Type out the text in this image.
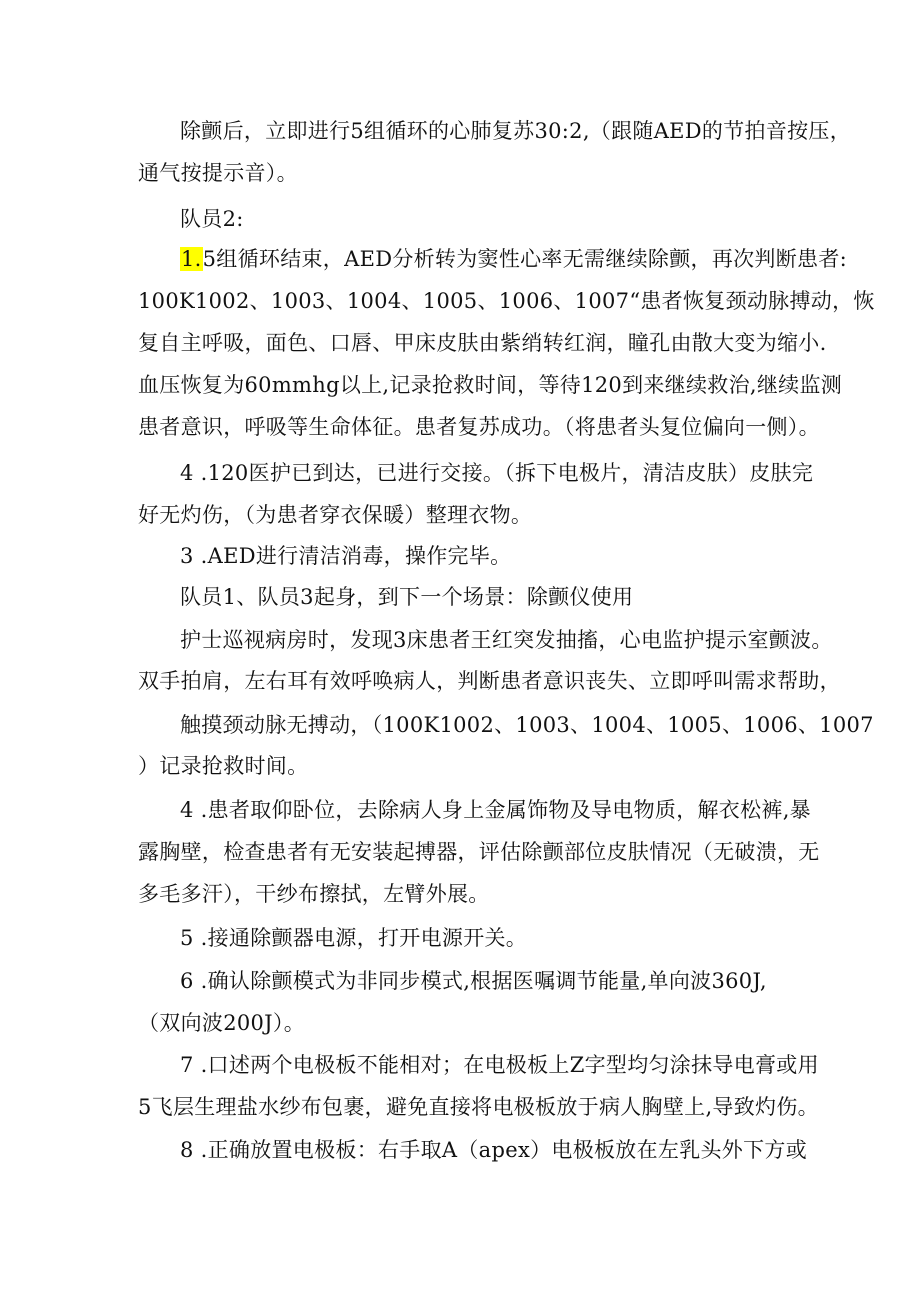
除颤后，立即进行5组循环的心肺复苏30:2,（跟随AED的节拍音按压，
通气按提示音）。
队员2:
1.5组循环结束，AED分析转为窦性心率无需继续除颤，再次判断患者:
100K1002、1003、1004、1005、1006、1007“患者恢复颈动脉搏动，恢
复自主呼吸，面色、口唇、甲床皮肤由紫绡转红润，瞳孔由散大变为缩小.
血压恢复为60mmhg以上,记录抢救时间，等待120到来继续救治,继续监测
患者意识，呼吸等生命体征。患者复苏成功。（将患者头复位偏向一侧）。
4 .120医护已到达，已进行交接。（拆下电极片，清洁皮肤）皮肤完
好无灼伤，（为患者穿衣保暖）整理衣物。
3 .AED进行清洁消毒，操作完毕。
队员1、队员3起身，到下一个场景：除颤仪使用
护士巡视病房时，发现3床患者王红突发抽搐，心电监护提示室颤波。
双手拍肩，左右耳有效呼唤病人，判断患者意识丧失、立即呼叫需求帮助，
触摸颈动脉无搏动，（100K1002、1003、1004、1005、1006、1007
）记录抢救时间。
4 .患者取仰卧位，去除病人身上金属饰物及导电物质，解衣松裤,暴
露胸壁，检查患者有无安装起搏器，评估除颤部位皮肤情况（无破溃，无
多毛多汗），干纱布擦拭，左臂外展。
5 .接通除颤器电源，打开电源开关。
6 .确认除颤模式为非同步模式,根据医嘱调节能量,单向波360J,
（双向波200J）。
7 .口述两个电极板不能相对；在电极板上Z字型均匀涂抹导电膏或用
5飞层生理盐水纱布包裹，避免直接将电极板放于病人胸壁上,导致灼伤。
8 .正确放置电极板：右手取A（apex）电极板放在左乳头外下方或
